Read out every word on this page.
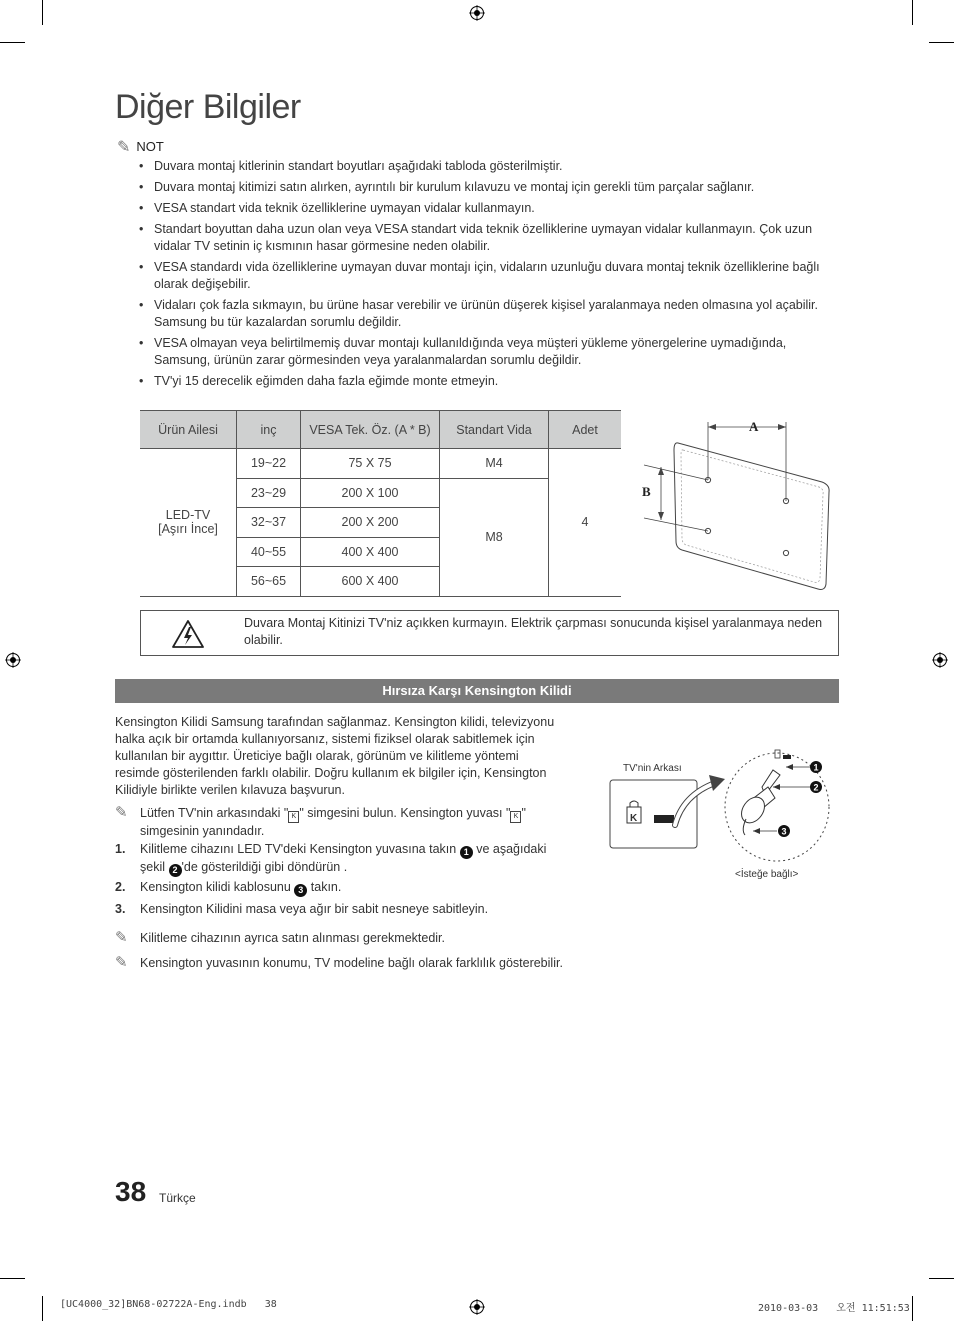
Diğer Bilgiler
✎ NOT
• Duvara montaj kitlerinin standart boyutları aşağıdaki tabloda gösterilmiştir.
• Duvara montaj kitimizi satın alırken, ayrıntılı bir kurulum kılavuzu ve montaj için gerekli tüm parçalar sağlanır.
• VESA standart vida teknik özelliklerine uymayan vidalar kullanmayın.
• Standart boyuttan daha uzun olan veya VESA standart vida teknik özelliklerine uymayan vidalar kullanmayın. Çok uzun vidalar TV setinin iç kısmının hasar görmesine neden olabilir.
• VESA standardı vida özelliklerine uymayan duvar montajı için, vidaların uzunluğu duvara montaj teknik özelliklerine bağlı olarak değişebilir.
• Vidaları çok fazla sıkmayın, bu ürüne hasar verebilir ve ürünün düşerek kişisel yaralanmaya neden olmasına yol açabilir. Samsung bu tür kazalardan sorumlu değildir.
• VESA olmayan veya belirtilmemiş duvar montajı kullanıldığında veya müşteri yükleme yönergelerine uymadığında, Samsung, ürünün zarar görmesinden veya yaralanmalardan sorumlu değildir.
• TV'yi 15 derecelik eğimden daha fazla eğimde monte etmeyin.
Ürün Ailesi	inç	VESA Tek. Öz. (A * B)	Standart Vida	Adet
LED-TV
[Aşırı İnce]	19~22	75 X 75	M4	4
	23~29	200 X 100	M8	
	32~37	200 X 200		
	40~55	400 X 400		
	56~65	600 X 400		
A
B
Duvara Montaj Kitinizi TV'niz açıkken kurmayın. Elektrik çarpması sonucunda kişisel yaralanmaya neden olabilir.
Hırsıza Karşı Kensington Kilidi
Kensington Kilidi Samsung tarafından sağlanmaz. Kensington kilidi, televizyonu halka açık bir ortamda kullanıyorsanız, sistemi fiziksel olarak sabitlemek için kullanılan bir aygıttır. Üreticiye bağlı olarak, görünüm ve kilitleme yöntemi resimde gösterilenden farklı olabilir. Doğru kullanım ek bilgiler için, Kensington Kilidiyle birlikte verilen kılavuza başvurun.
✎ Lütfen TV'nin arkasındaki " K " simgesini bulun. Kensington yuvası " K " simgesinin yanındadır.
1. Kilitleme cihazını LED TV'deki Kensington yuvasına takın 1 ve aşağıdaki şekil 2 'de gösterildiği gibi döndürün .
2. Kensington kilidi kablosunu 3 takın.
3. Kensington Kilidini masa veya ağır bir sabit nesneye sabitleyin.
✎ Kilitleme cihazının ayrıca satın alınması gerekmektedir.
✎ Kensington yuvasının konumu, TV modeline bağlı olarak farklılık gösterebilir.
TV'nin Arkası
<İsteğe bağlı>
K
1
2
3
38 Türkçe
[UC4000_32]BN68-02722A-Eng.indb   38	2010-03-03   오전 11:51:53
